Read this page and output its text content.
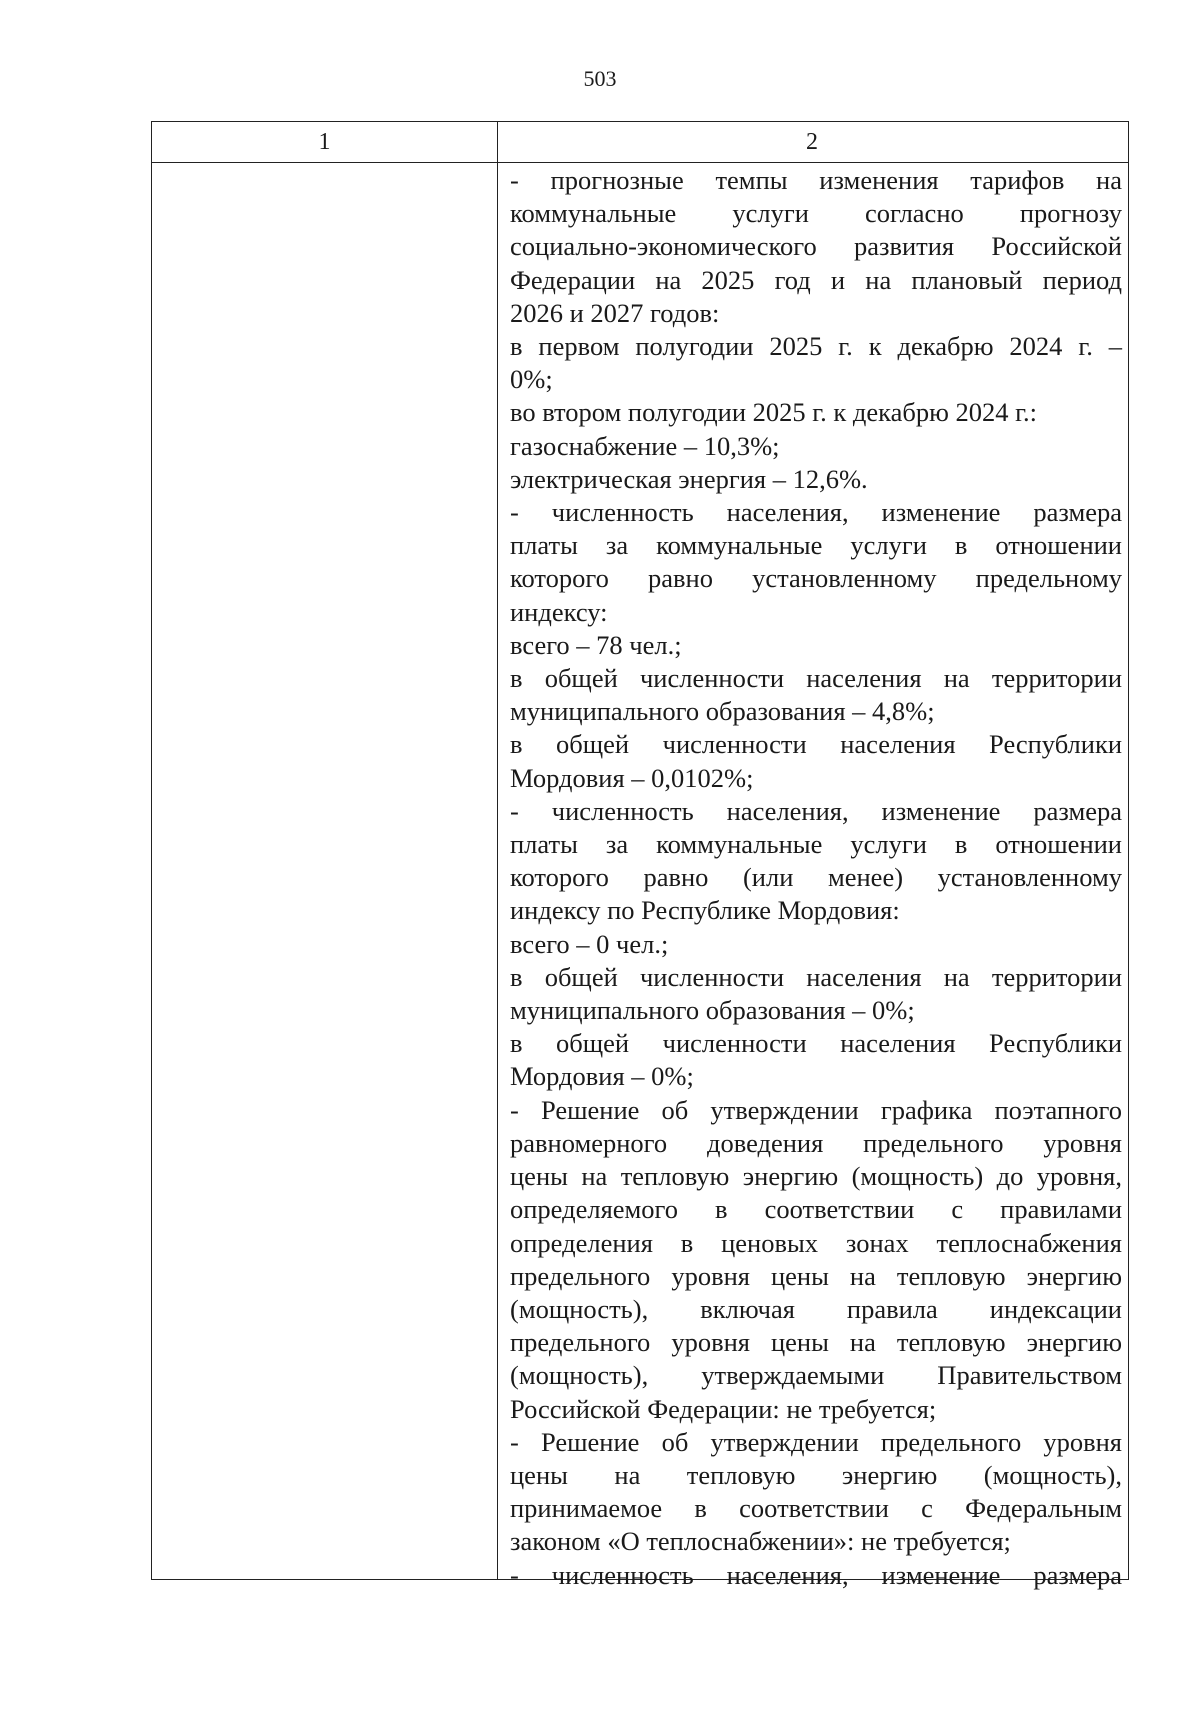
503
1	2
- прогнозные темпы изменения тарифов на
коммунальные услуги согласно прогнозу
социально-экономического развития Российской
Федерации на 2025 год и на плановый период
2026 и 2027 годов:
в первом полугодии 2025 г. к декабрю 2024 г. –
0%;
во втором полугодии 2025 г. к декабрю 2024 г.:
газоснабжение – 10,3%;
электрическая энергия – 12,6%.
- численность населения, изменение размера
платы за коммунальные услуги в отношении
которого равно установленному предельному
индексу:
всего – 78 чел.;
в общей численности населения на территории
муниципального образования – 4,8%;
в общей численности населения Республики
Мордовия – 0,0102%;
- численность населения, изменение размера
платы за коммунальные услуги в отношении
которого равно (или менее) установленному
индексу по Республике Мордовия:
всего – 0 чел.;
в общей численности населения на территории
муниципального образования – 0%;
в общей численности населения Республики
Мордовия – 0%;
- Решение об утверждении графика поэтапного
равномерного доведения предельного уровня
цены на тепловую энергию (мощность) до уровня,
определяемого в соответствии с правилами
определения в ценовых зонах теплоснабжения
предельного уровня цены на тепловую энергию
(мощность), включая правила индексации
предельного уровня цены на тепловую энергию
(мощность), утверждаемыми Правительством
Российской Федерации: не требуется;
- Решение об утверждении предельного уровня
цены на тепловую энергию (мощность),
принимаемое в соответствии с Федеральным
законом «О теплоснабжении»: не требуется;
- численность населения, изменение размера
